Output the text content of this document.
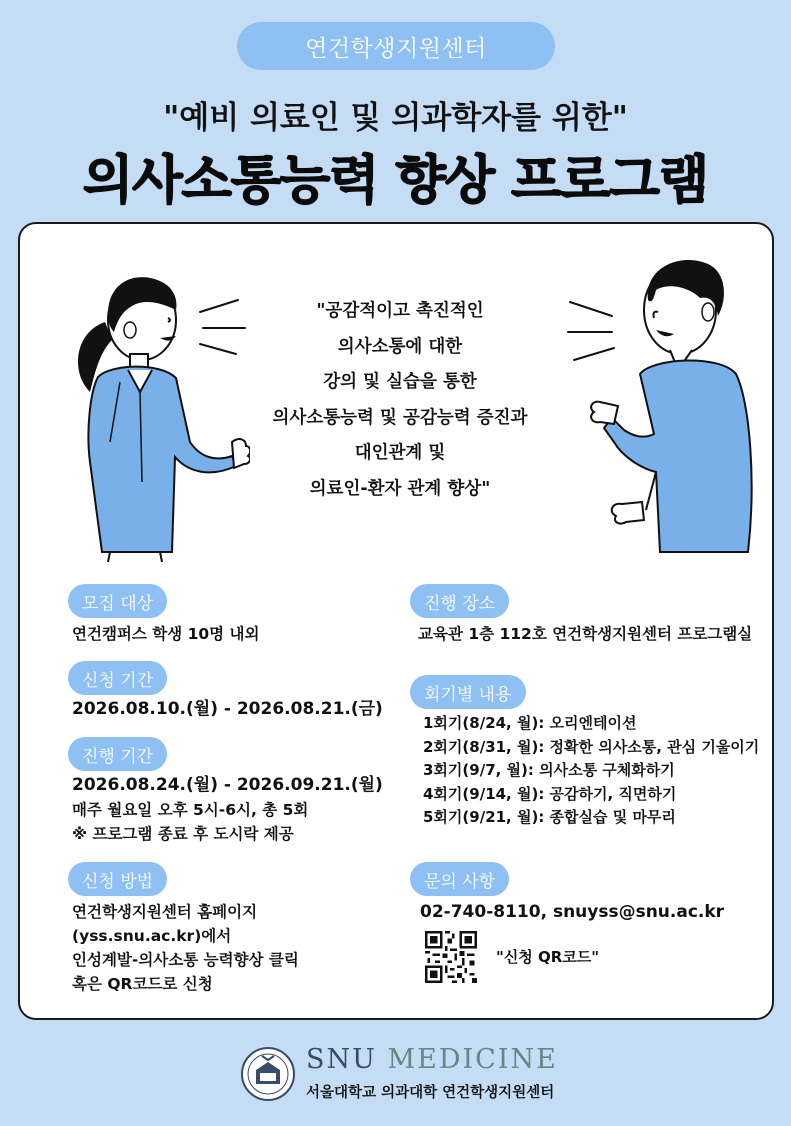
연건학생지원센터
"예비 의료인 및 의과학자를 위한"
의사소통능력 향상 프로그램
"공감적이고 촉진적인
의사소통에 대한
강의 및 실습을 통한
의사소통능력 및 공감능력 증진과
대인관계 및
의료인-환자 관계 향상"
모집 대상
연건캠퍼스 학생 10명 내외
신청 기간
2026.08.10.(월) - 2026.08.21.(금)
진행 기간
2026.08.24.(월) - 2026.09.21.(월)
매주 월요일 오후 5시-6시, 총 5회
※ 프로그램 종료 후 도시락 제공
신청 방법
연건학생지원센터 홈페이지
(yss.snu.ac.kr)에서
인성계발-의사소통 능력향상 클릭
혹은 QR코드로 신청
진행 장소
교육관 1층 112호 연건학생지원센터 프로그램실
회기별 내용
1회기(8/24, 월): 오리엔테이션
2회기(8/31, 월): 정확한 의사소통, 관심 기울이기
3회기(9/7, 월): 의사소통 구체화하기
4회기(9/14, 월): 공감하기, 직면하기
5회기(9/21, 월): 종합실습 및 마무리
문의 사항
02-740-8110, snuyss@snu.ac.kr
"신청 QR코드"
SNU MEDICINE
서울대학교 의과대학 연건학생지원센터
